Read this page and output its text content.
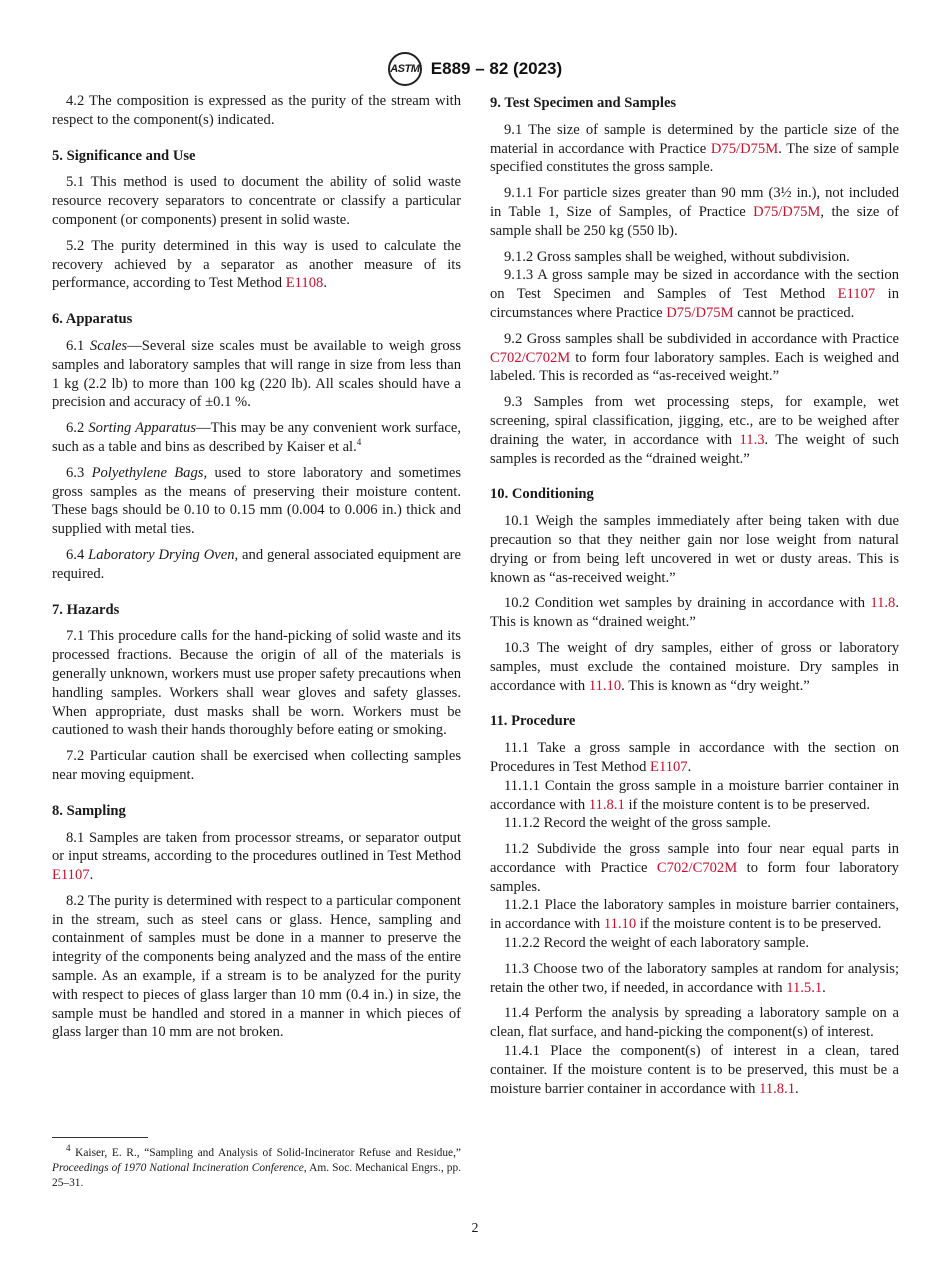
ASTM E889 – 82 (2023)

4.2 The composition is expressed as the purity of the stream with respect to the component(s) indicated.

5. Significance and Use

5.1 This method is used to document the ability of solid waste resource recovery separators to concentrate or classify a particular component (or components) present in solid waste.

5.2 The purity determined in this way is used to calculate the recovery achieved by a separator as another measure of its performance, according to Test Method E1108.

6. Apparatus

6.1 Scales—Several size scales must be available to weigh gross samples and laboratory samples that will range in size from less than 1 kg (2.2 lb) to more than 100 kg (220 lb). All scales should have a precision and accuracy of ±0.1 %.

6.2 Sorting Apparatus—This may be any convenient work surface, such as a table and bins as described by Kaiser et al.$^4$

6.3 Polyethylene Bags, used to store laboratory and sometimes gross samples as the means of preserving their moisture content. These bags should be 0.10 to 0.15 mm (0.004 to 0.006 in.) thick and supplied with metal ties.

6.4 Laboratory Drying Oven, and general associated equipment are required.

7. Hazards

7.1 This procedure calls for the hand-picking of solid waste and its processed fractions. Because the origin of all of the materials is generally unknown, workers must use proper safety precautions when handling samples. Workers shall wear gloves and safety glasses. When appropriate, dust masks shall be worn. Workers must be cautioned to wash their hands thoroughly before eating or smoking.

7.2 Particular caution shall be exercised when collecting samples near moving equipment.

8. Sampling

8.1 Samples are taken from processor streams, or separator output or input streams, according to the procedures outlined in Test Method E1107.

8.2 The purity is determined with respect to a particular component in the stream, such as steel cans or glass. Hence, sampling and containment of samples must be done in a manner to preserve the integrity of the components being analyzed and the mass of the entire sample. As an example, if a stream is to be analyzed for the purity with respect to pieces of glass larger than 10 mm (0.4 in.) in size, the sample must be handled and stored in a manner in which pieces of glass larger than 10 mm are not broken.

$^4$ Kaiser, E. R., “Sampling and Analysis of Solid-Incinerator Refuse and Residue,” Proceedings of 1970 National Incineration Conference, Am. Soc. Mechanical Engrs., pp. 25–31.
9. Test Specimen and Samples

9.1 The size of sample is determined by the particle size of the material in accordance with Practice D75/D75M. The size of sample specified constitutes the gross sample.

9.1.1 For particle sizes greater than 90 mm (3½ in.), not included in Table 1, Size of Samples, of Practice D75/D75M, the size of sample shall be 250 kg (550 lb).

9.1.2 Gross samples shall be weighed, without subdivision.

9.1.3 A gross sample may be sized in accordance with the section on Test Specimen and Samples of Test Method E1107 in circumstances where Practice D75/D75M cannot be practiced.

9.2 Gross samples shall be subdivided in accordance with Practice C702/C702M to form four laboratory samples. Each is weighed and labeled. This is recorded as “as-received weight.”

9.3 Samples from wet processing steps, for example, wet screening, spiral classification, jigging, etc., are to be weighed after draining the water, in accordance with 11.3. The weight of such samples is recorded as the “drained weight.”

10. Conditioning

10.1 Weigh the samples immediately after being taken with due precaution so that they neither gain nor lose weight from natural drying or from being left uncovered in wet or dusty areas. This is known as “as-received weight.”

10.2 Condition wet samples by draining in accordance with 11.8. This is known as “drained weight.”

10.3 The weight of dry samples, either of gross or laboratory samples, must exclude the contained moisture. Dry samples in accordance with 11.10. This is known as “dry weight.”

11. Procedure

11.1 Take a gross sample in accordance with the section on Procedures in Test Method E1107.

11.1.1 Contain the gross sample in a moisture barrier container in accordance with 11.8.1 if the moisture content is to be preserved.

11.1.2 Record the weight of the gross sample.

11.2 Subdivide the gross sample into four near equal parts in accordance with Practice C702/C702M to form four laboratory samples.

11.2.1 Place the laboratory samples in moisture barrier containers, in accordance with 11.10 if the moisture content is to be preserved.

11.2.2 Record the weight of each laboratory sample.

11.3 Choose two of the laboratory samples at random for analysis; retain the other two, if needed, in accordance with 11.5.1.

11.4 Perform the analysis by spreading a laboratory sample on a clean, flat surface, and hand-picking the component(s) of interest.

11.4.1 Place the component(s) of interest in a clean, tared container. If the moisture content is to be preserved, this must be a moisture barrier container in accordance with 11.8.1.

2
